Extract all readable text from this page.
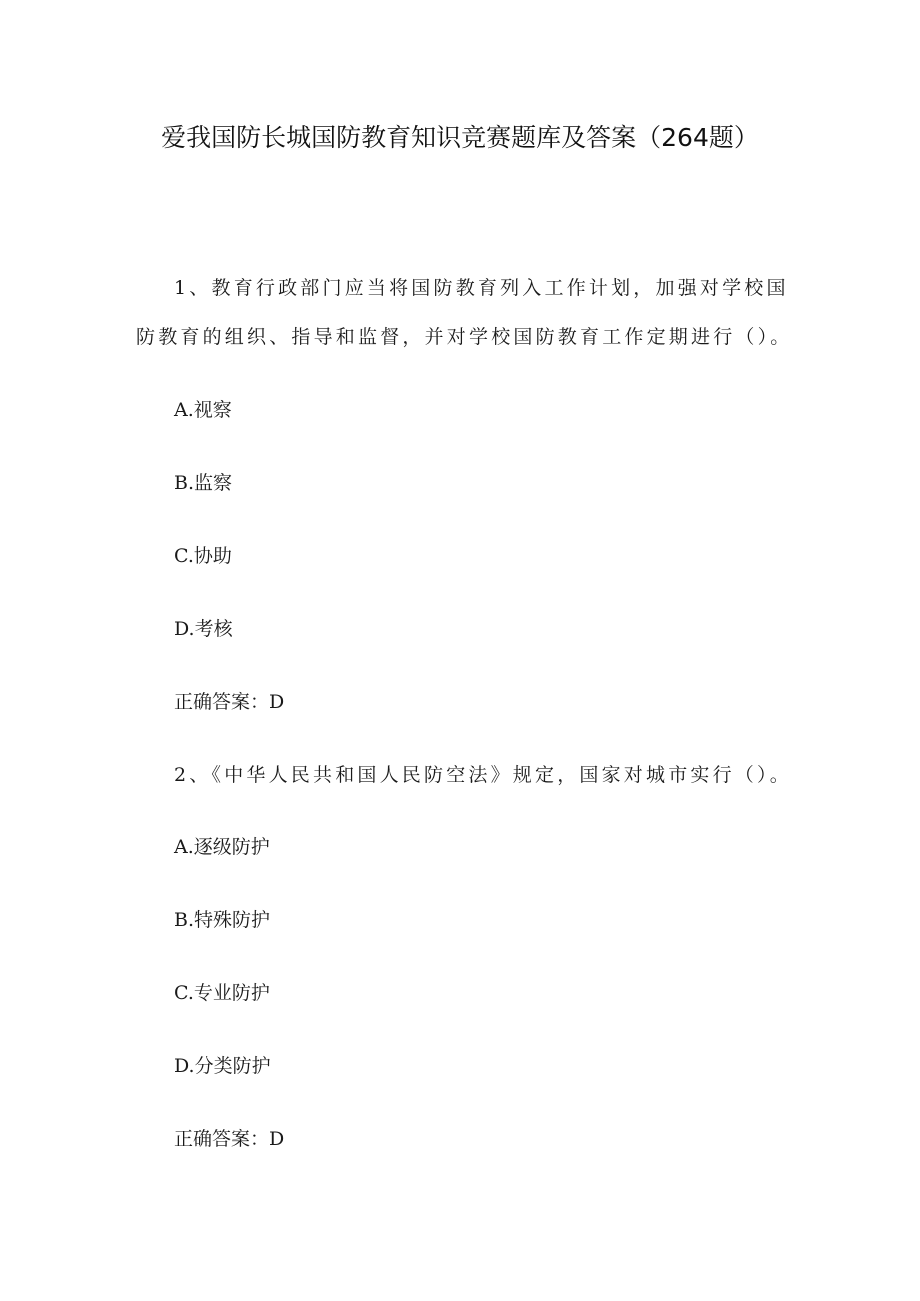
爱我国防长城国防教育知识竞赛题库及答案（264题）
1、教育行政部门应当将国防教育列入工作计划，加强对学校国
防教育的组织、指导和监督，并对学校国防教育工作定期进行（）。
A.视察
B.监察
C.协助
D.考核
正确答案：D
2、《中华人民共和国人民防空法》规定，国家对城市实行（）。
A.逐级防护
B.特殊防护
C.专业防护
D.分类防护
正确答案：D
